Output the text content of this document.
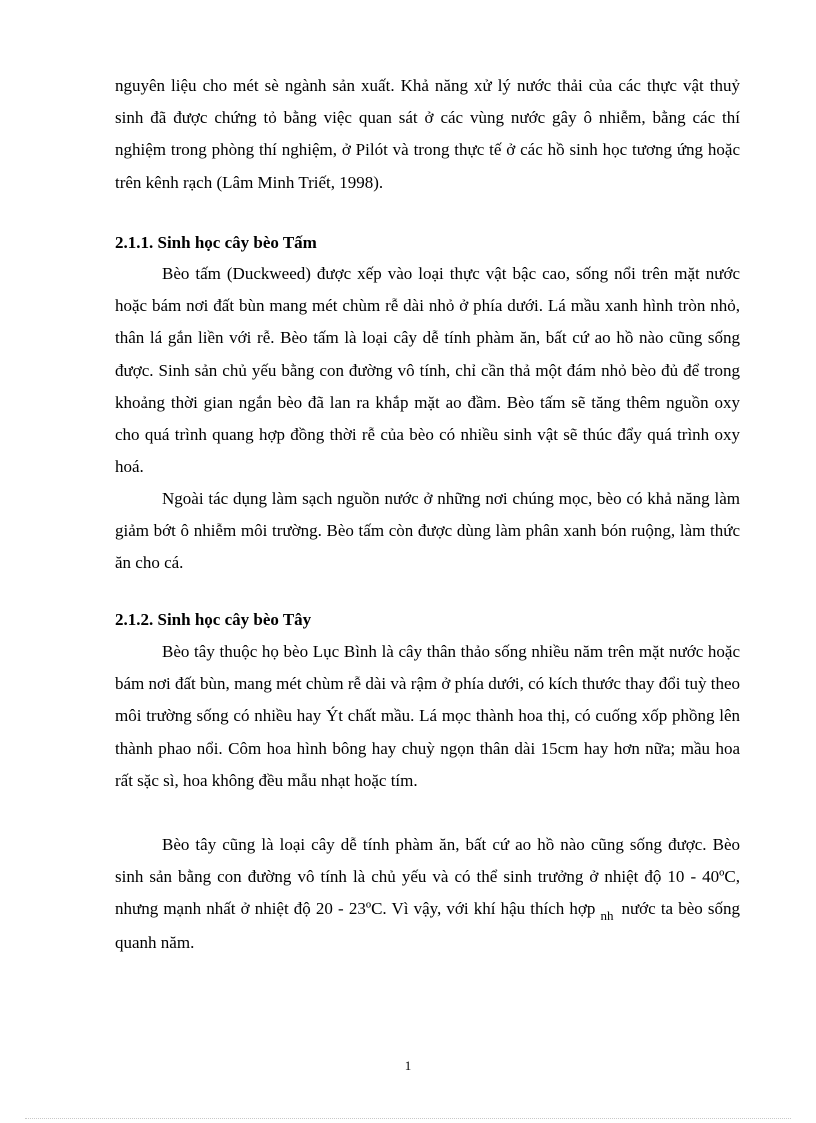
nguyên liệu cho mét sè ngành sản xuất. Khả năng xử lý nước thải của các thực vật thuỷ sinh đã được chứng tỏ bằng việc quan sát ở các vùng nước gây ô nhiễm, bằng các thí nghiệm trong phòng thí nghiệm, ở Pilót và trong thực tế ở các hồ sinh học tương ứng hoặc trên kênh rạch (Lâm Minh Triết, 1998).

2.1.1. Sinh học cây bèo Tấm

Bèo tấm (Duckweed) được xếp vào loại thực vật bậc cao, sống nổi trên mặt nước hoặc bám nơi đất bùn mang mét chùm rễ dài nhỏ ở phía dưới. Lá mầu xanh hình tròn nhỏ, thân lá gắn liền với rễ. Bèo tấm là loại cây dễ tính phàm ăn, bất cứ ao hồ nào cũng sống được. Sinh sản chủ yếu bằng con đường vô tính, chỉ cần thả một đám nhỏ bèo đủ để trong khoảng thời gian ngắn bèo đã lan ra khắp mặt ao đầm. Bèo tấm sẽ tăng thêm nguồn oxy cho quá trình quang hợp đồng thời rễ của bèo có nhiều sinh vật sẽ thúc đẩy quá trình oxy hoá.

Ngoài tác dụng làm sạch nguồn nước ở những nơi chúng mọc, bèo có khả năng làm giảm bớt ô nhiễm môi trường. Bèo tấm còn được dùng làm phân xanh bón ruộng, làm thức ăn cho cá.

2.1.2. Sinh học cây bèo Tây

Bèo tây thuộc họ bèo Lục Bình là cây thân thảo sống nhiều năm trên mặt nước hoặc bám nơi đất bùn, mang mét chùm rễ dài và rậm ở phía dưới, có kích thước thay đổi tuỳ theo môi trường sống có nhiều hay Ýt chất mầu. Lá mọc thành hoa thị, có cuống xốp phồng lên thành phao nổi. Côm hoa hình bông hay chuỳ ngọn thân dài 15cm hay hơn nữa; mầu hoa rất sặc sì, hoa không đều mẫu nhạt hoặc tím.

Bèo tây cũng là loại cây dễ tính phàm ăn, bất cứ ao hồ nào cũng sống được. Bèo sinh sản bằng con đường vô tính là chủ yếu và có thể sinh trưởng ở nhiệt độ 10 - 40ºC, nhưng mạnh nhất ở nhiệt độ 20 - 23ºC. Vì vậy, với khí hậu thích hợp $_{nh}$ nước ta bèo sống quanh năm.

1
